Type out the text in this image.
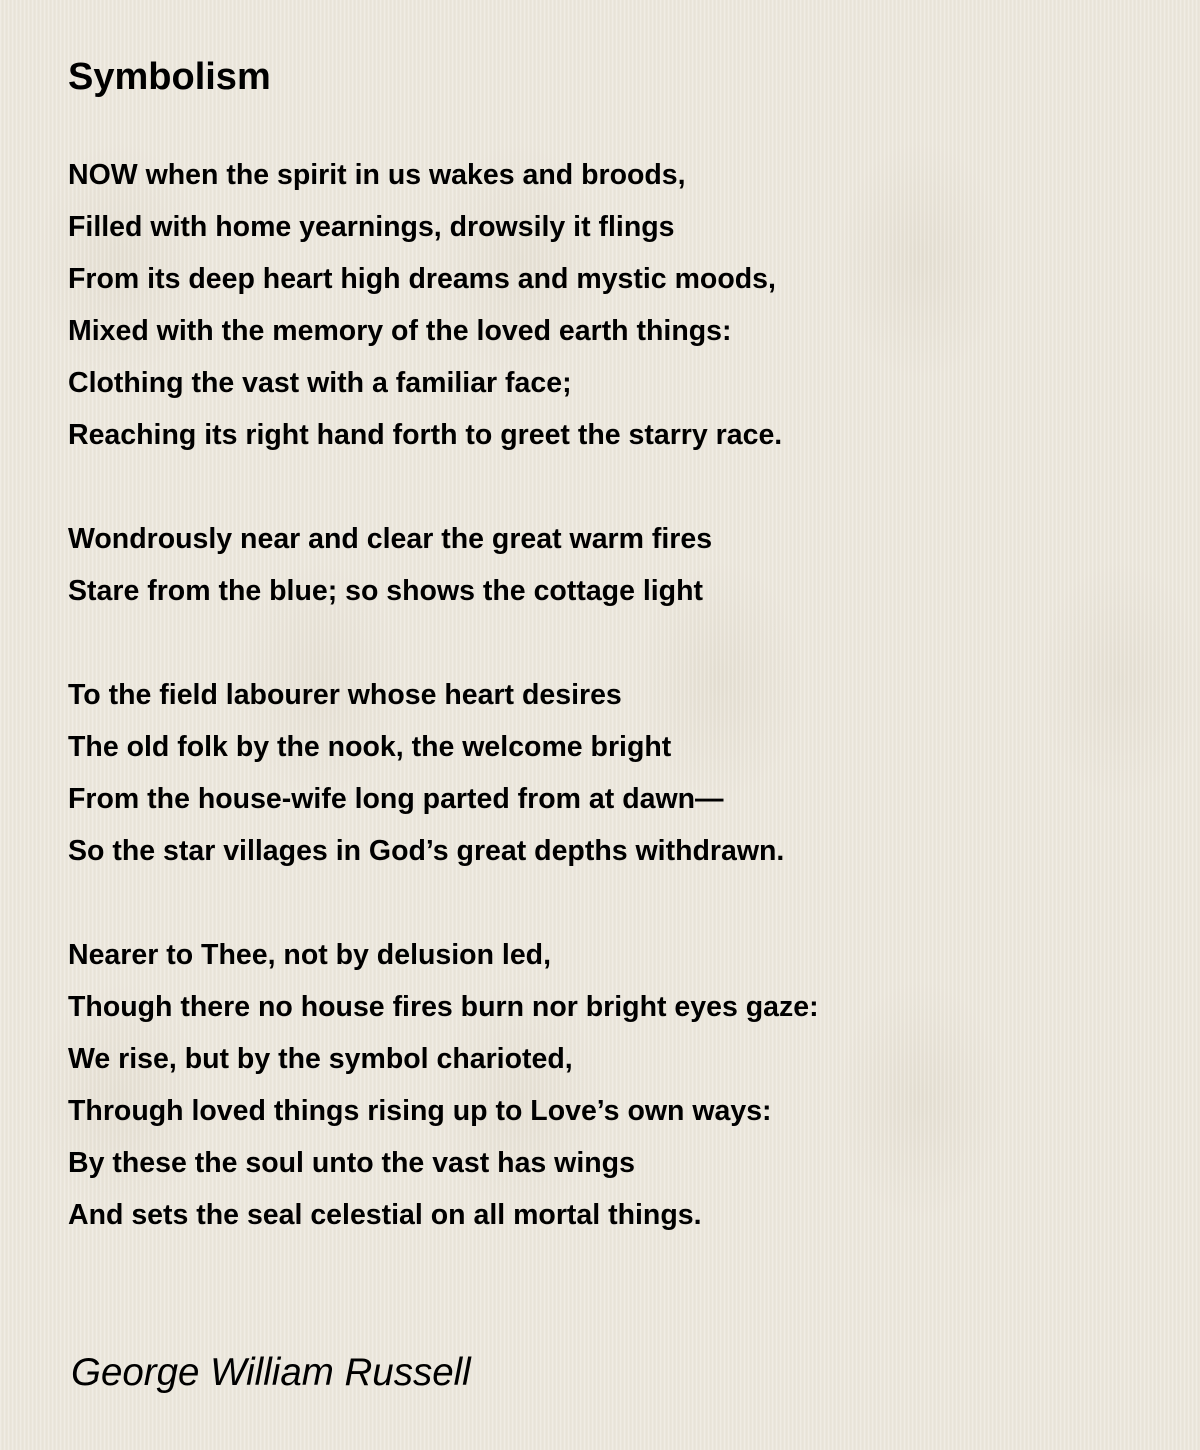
Symbolism
NOW when the spirit in us wakes and broods,
Filled with home yearnings, drowsily it flings
From its deep heart high dreams and mystic moods,
Mixed with the memory of the loved earth things:
Clothing the vast with a familiar face;
Reaching its right hand forth to greet the starry race.
Wondrously near and clear the great warm fires
Stare from the blue; so shows the cottage light
To the field labourer whose heart desires
The old folk by the nook, the welcome bright
From the house-wife long parted from at dawn—
So the star villages in God’s great depths withdrawn.
Nearer to Thee, not by delusion led,
Though there no house fires burn nor bright eyes gaze:
We rise, but by the symbol charioted,
Through loved things rising up to Love’s own ways:
By these the soul unto the vast has wings
And sets the seal celestial on all mortal things.

George William Russell
